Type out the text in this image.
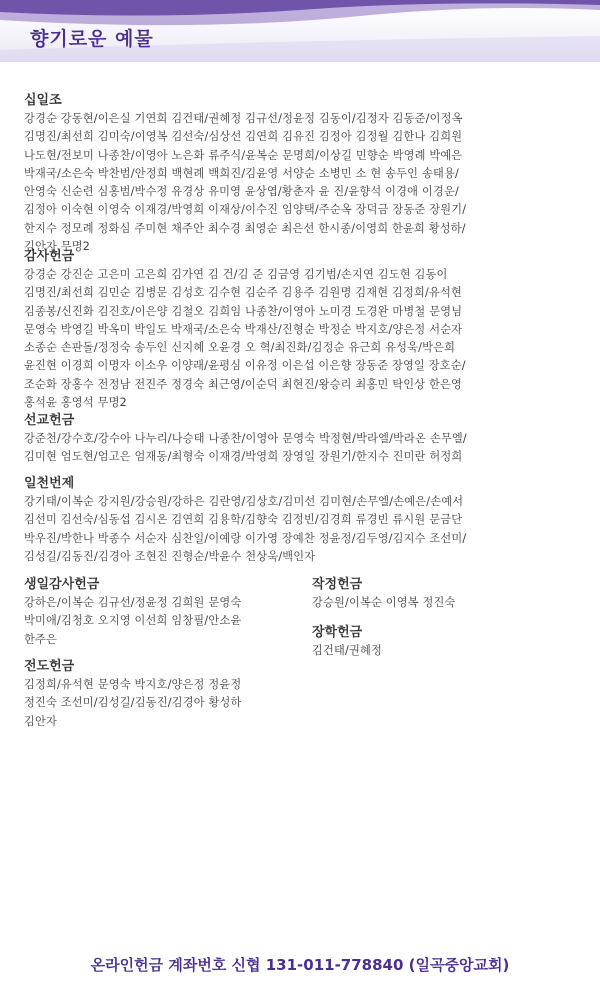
향기로운 예물
십일조
강경순 강동현/이은실 기연희 김건태/권혜정 김규선/정윤정 김동이/김정자 김동준/이정옥
김명진/최선희 김미숙/이영복 김선숙/심상선 김연희 김유진 김정아 김정월 김한나 김희원
나도현/전보미 나종찬/이영아 노은화 류주식/윤복순 문명희/이상길 민향순 박영례 박예은
박재국/소은숙 박찬범/안정희 백현례 백희진/김윤영 서양순 소병민 소 현 송두인 송태용/
안영숙 신순련 심홍범/박수정 유경상 유미영 윤상엽/황춘자 윤 진/윤향석 이경애 이경운/
김정아 이숙현 이영숙 이재경/박영희 이재상/이수진 임양택/주순옥 장덕금 장동준 장원기/
한지수 정모례 정화심 주미현 채주안 최수경 최영순 최은선 한시종/이영희 한윤희 황성하/
김안자 무명2
감사헌금
강경순 강진순 고은미 고은희 김가연 김 건/김 준 김금영 김기범/손지연 김도현 김동이
김명진/최선희 김민순 김병문 김성호 김수현 김순주 김용주 김원명 김재현 김정희/유석현
김종봉/신진화 김진호/이은양 김철오 김희임 나종찬/이영아 노미경 도경완 마병철 문영님
문영숙 박영길 박옥미 박일도 박재국/소은숙 박재산/진형순 박정순 박지호/양은정 서순자
소종순 손판돌/정정숙 송두인 신지혜 오윤경 오 혁/최진화/김정순 유근희 유성욱/박은희
윤진현 이경희 이명자 이소우 이양래/윤평심 이유정 이은섭 이은향 장동준 장영일 장호순/
조순화 장홍수 전정남 전진주 정경숙 최근영/이순덕 최현진/왕승리 최홍민 탁인상 한은영
홍석윤 홍영석 무명2
선교헌금
강준천/강수호/강수아 나누리/나승태 나종찬/이영아 문영숙 박정현/박라엘/박라온 손무엘/
김미현 엄도현/엄고은 엄재동/최형숙 이재경/박영희 장영일 장원기/한지수 진미란 허정희
일천번제
강기태/이복순 강지원/강승원/강하은 김란영/김상호/김미선 김미현/손무엘/손예은/손예서
김선미 김선숙/심동섭 김시온 김연희 김용학/김향숙 김정빈/김경희 류경빈 류시원 문금단
박우진/박한나 박종수 서순자 심찬일/이예랑 이가영 장예찬 정윤정/김두영/김지수 조선미/
김성길/김동진/김경아 조현진 진형순/박윤수 천상욱/백인자
생일감사헌금
강하은/이복순 김규선/정윤정 김희원 문영숙
박미애/김청호 오지영 이선희 임창필/안소윤
한주은
전도헌금
김정희/유석현 문영숙 박지호/양은정 정윤정
정진숙 조선미/김성길/김동진/김경아 황성하
김안자
작정헌금
강승원/이복순 이영복 정진숙
장학헌금
김건태/권혜정
온라인헌금 계좌번호 신협 131-011-778840 (일곡중앙교회)
